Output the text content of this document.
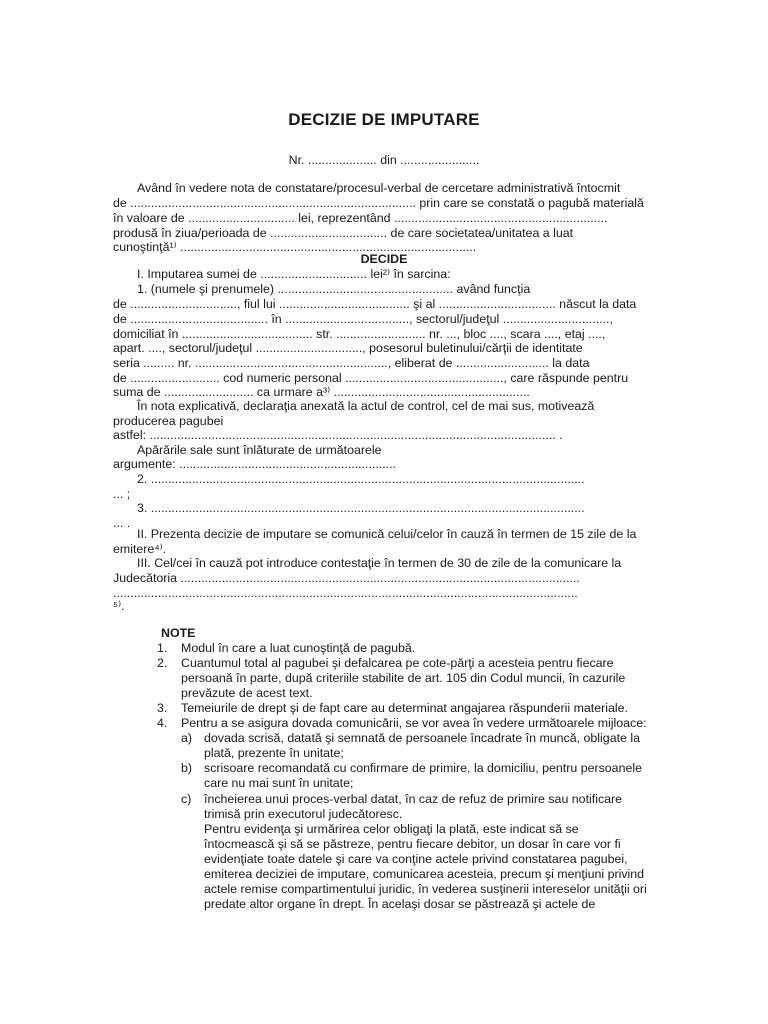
DECIZIE DE IMPUTARE
Nr. .................... din .......................
Având în vedere nota de constatare/procesul-verbal de cercetare administrativă întocmit
de ................................................................................... prin care se constată o pagubă materială
în valoare de ............................... lei, reprezentând ..............................................................
produsă în ziua/perioada de .................................. de care societatea/unitatea a luat
cunoştinţă¹⁾ ......................................................................................
DECIDE
I. Imputarea sumei de ............................... lei²⁾ în sarcina:
1. (numele şi prenumele) ................................................... având funcţia
de ..............................., fiul lui ...................................... şi al .................................. născut la data
de ........................................ în ...................................., sectorul/judeţul ...............................,
domiciliat în ...................................... str. .......................... nr. ..., bloc ...., scara ...., etaj ....,
apart. ...., sectorul/judeţul ..............................., posesorul buletinului/cărţii de identitate
seria ......... nr. ........................................................, eliberat de ........................... la data
de .......................... cod numeric personal .............................................., care răspunde pentru
suma de .......................... ca urmare a³⁾ .........................................................
În nota explicativă, declaraţia anexată la actul de control, cel de mai sus, motivează
producerea pagubei
astfel: ...................................................................................................................... .
Apărările sale sunt înlăturate de următoarele
argumente: ...............................................................
2. ..............................................................................................................................
... ;
3. ..............................................................................................................................
... .
II. Prezenta decizie de imputare se comunică celui/celor în cauză în termen de 15 zile de la
emitere⁴⁾.
III. Cel/cei în cauză pot introduce contestaţie în termen de 30 de zile de la comunicare la
Judecătoria ....................................................................................................................
.......................................................................................................................................
⁵⁾.
NOTE
1. Modul în care a luat cunoştinţă de pagubă.
2. Cuantumul total al pagubei şi defalcarea pe cote-părţi a acesteia pentru fiecare
persoană în parte, după criteriile stabilite de art. 105 din Codul muncii, în cazurile
prevăzute de acest text.
3. Temeiurile de drept şi de fapt care au determinat angajarea răspunderii materiale.
4. Pentru a se asigura dovada comunicării, se vor avea în vedere următoarele mijloace:
a) dovada scrisă, datată şi semnată de persoanele încadrate în muncă, obligate la
plată, prezente în unitate;
b) scrisoare recomandată cu confirmare de primire, la domiciliu, pentru persoanele
care nu mai sunt în unitate;
c) încheierea unui proces-verbal datat, în caz de refuz de primire sau notificare
trimisă prin executorul judecătoresc.
Pentru evidenţa şi urmărirea celor obligaţi la plată, este indicat să se
întocmească şi să se păstreze, pentru fiecare debitor, un dosar în care vor fi
evidenţiate toate datele şi care va conţine actele privind constatarea pagubei,
emiterea deciziei de imputare, comunicarea acesteia, precum şi menţiuni privind
actele remise compartimentului juridic, în vederea susţinerii intereselor unităţii ori
predate altor organe în drept. În acelaşi dosar se păstrează şi actele de
